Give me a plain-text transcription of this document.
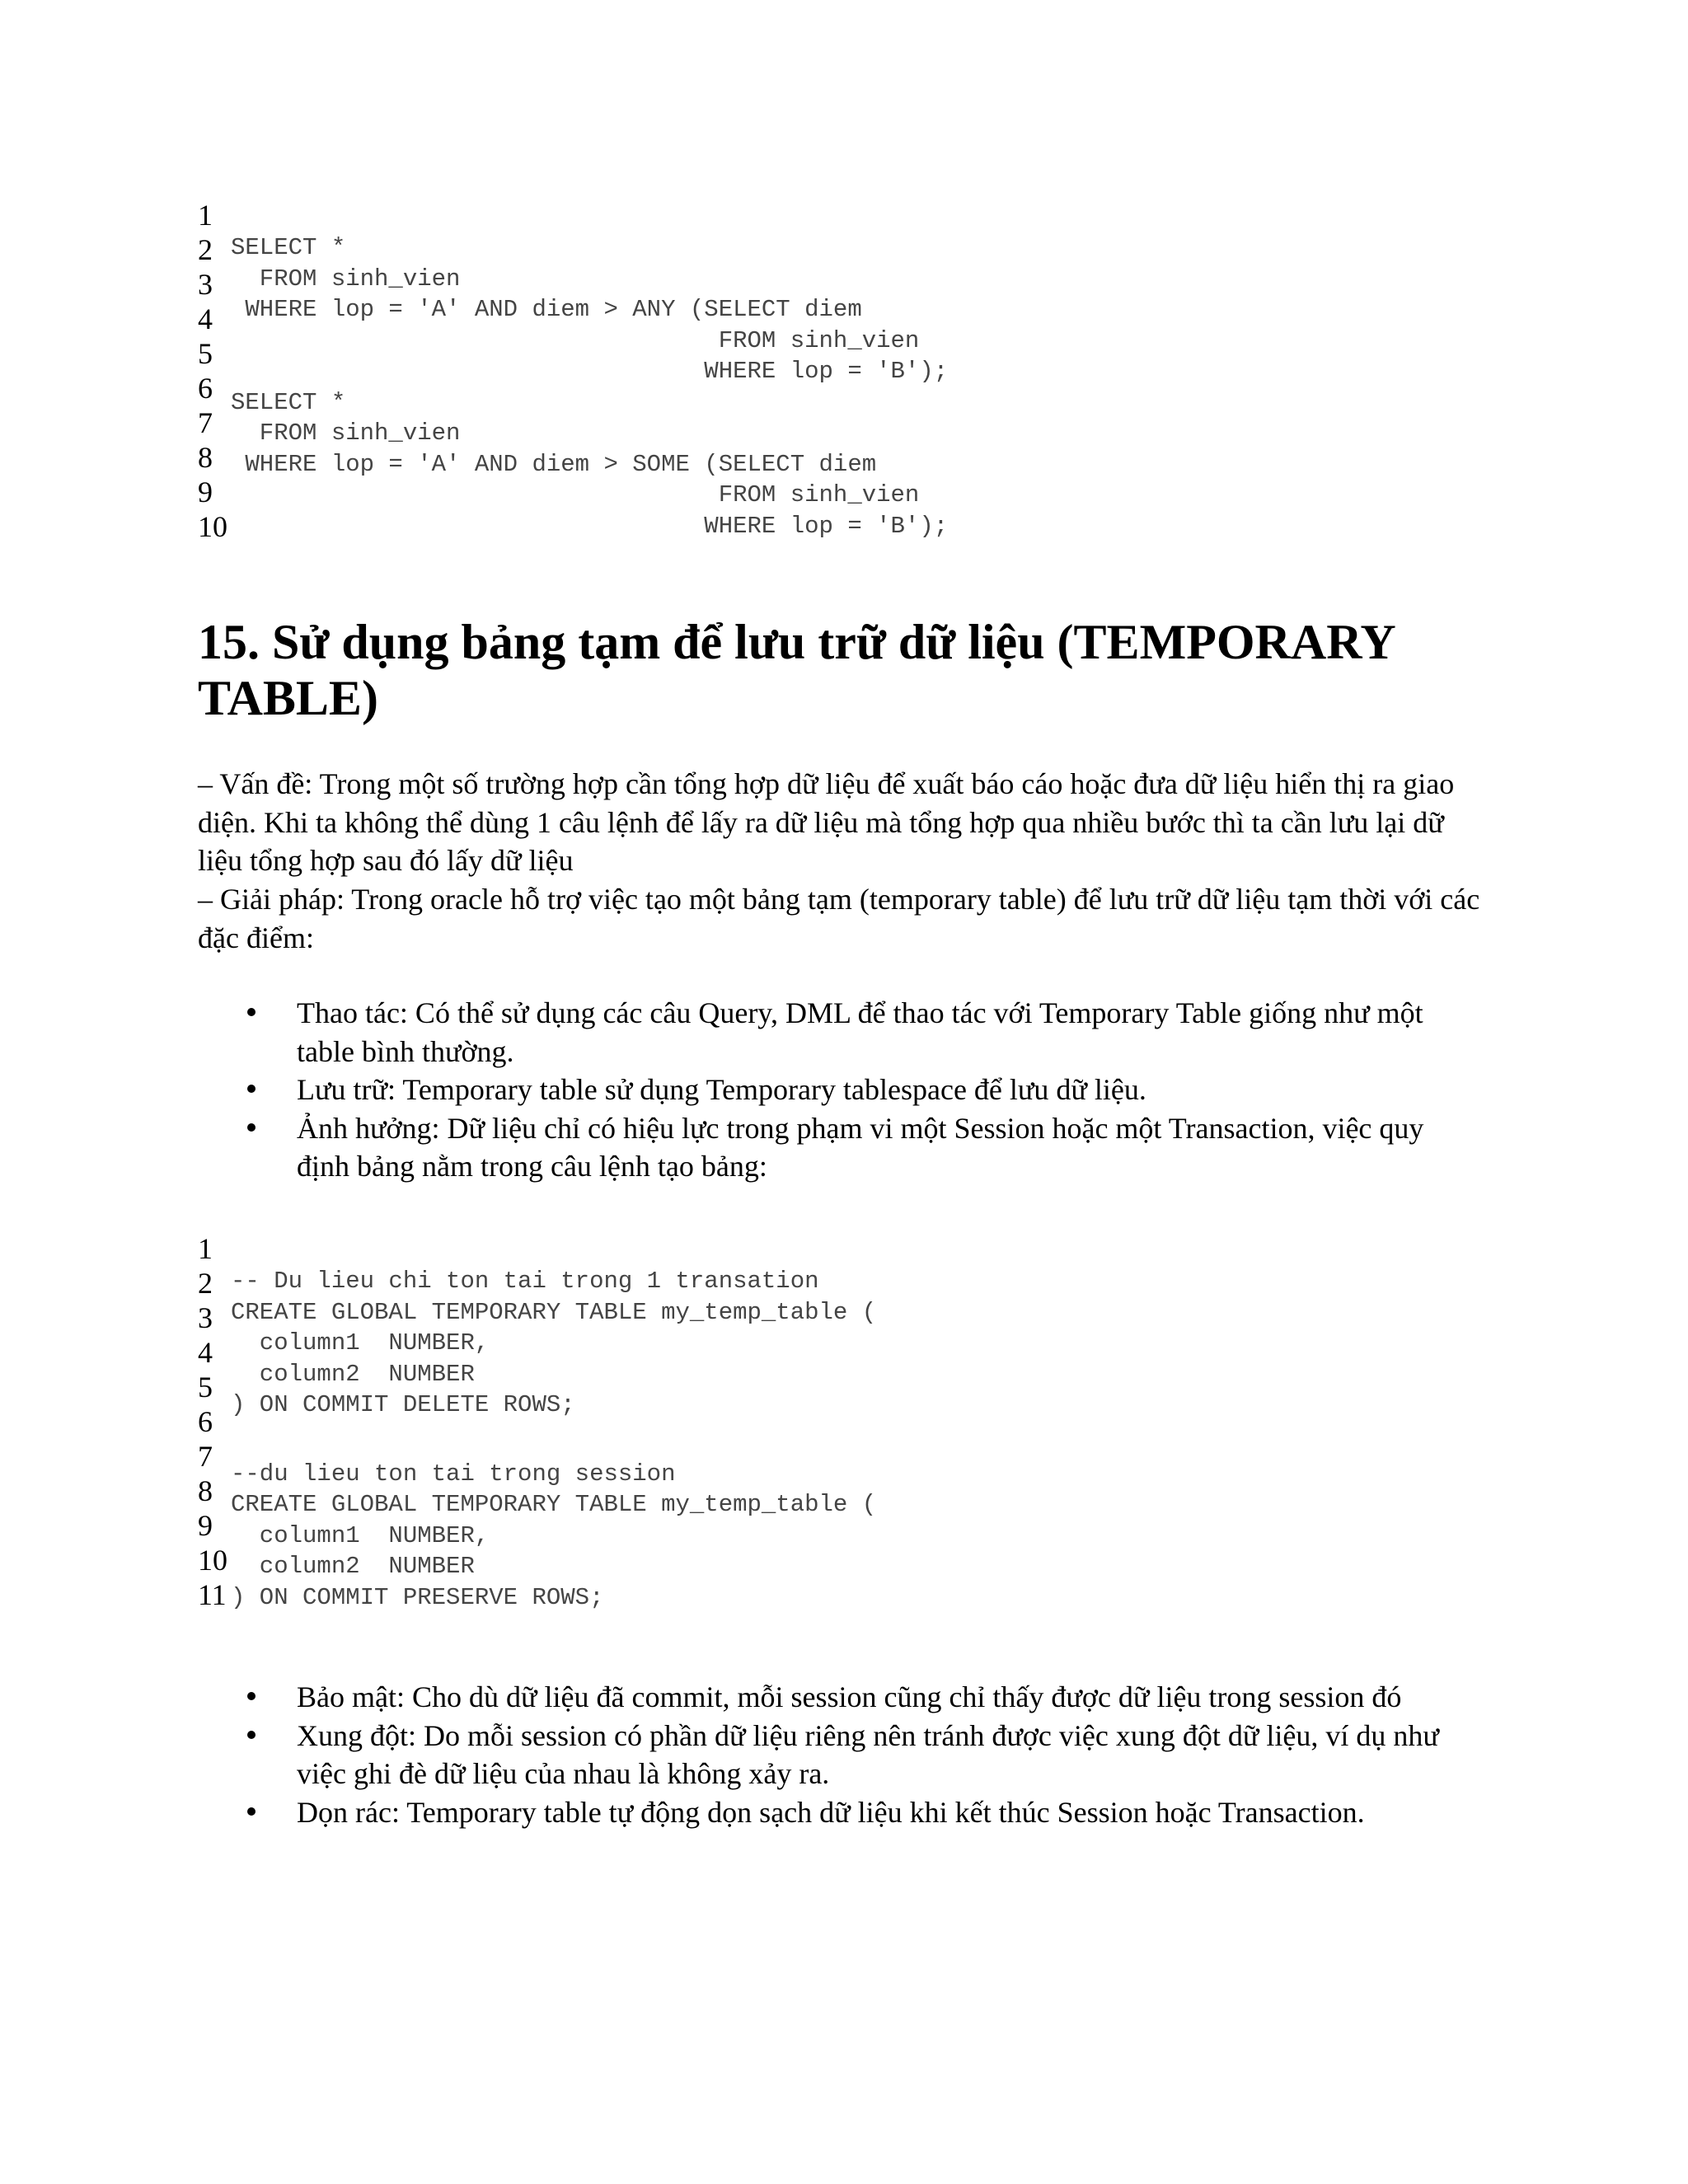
1
2
3
4
5
6
7
8
9
10
SELECT *
FROM sinh_vien
WHERE lop = 'A' AND diem > ANY (SELECT diem
FROM sinh_vien
WHERE lop = 'B');
SELECT *
FROM sinh_vien
WHERE lop = 'A' AND diem > SOME (SELECT diem
FROM sinh_vien
WHERE lop = 'B');
15. Sử dụng bảng tạm để lưu trữ dữ liệu (TEMPORARY TABLE)

– Vấn đề: Trong một số trường hợp cần tổng hợp dữ liệu để xuất báo cáo hoặc đưa dữ liệu hiển thị ra giao diện. Khi ta không thể dùng 1 câu lệnh để lấy ra dữ liệu mà tổng hợp qua nhiều bước thì ta cần lưu lại dữ liệu tổng hợp sau đó lấy dữ liệu

– Giải pháp: Trong oracle hỗ trợ việc tạo một bảng tạm (temporary table) để lưu trữ dữ liệu tạm thời với các đặc điểm:

Thao tác: Có thể sử dụng các câu Query, DML để thao tác với Temporary Table giống như một table bình thường.
Lưu trữ: Temporary table sử dụng Temporary tablespace để lưu dữ liệu.
Ảnh hưởng: Dữ liệu chỉ có hiệu lực trong phạm vi một Session hoặc một Transaction, việc quy định bảng nằm trong câu lệnh tạo bảng:
1
2
3
4
5
6
7
8
9
10
11
-- Du lieu chi ton tai trong 1 transation
CREATE GLOBAL TEMPORARY TABLE my_temp_table (
column1  NUMBER,
column2  NUMBER
) ON COMMIT DELETE ROWS;
--du lieu ton tai trong session
CREATE GLOBAL TEMPORARY TABLE my_temp_table (
column1  NUMBER,
column2  NUMBER
) ON COMMIT PRESERVE ROWS;
Bảo mật: Cho dù dữ liệu đã commit, mỗi session cũng chỉ thấy được dữ liệu trong session đó
Xung đột: Do mỗi session có phần dữ liệu riêng nên tránh được việc xung đột dữ liệu, ví dụ như việc ghi đè dữ liệu của nhau là không xảy ra.
Dọn rác: Temporary table tự động dọn sạch dữ liệu khi kết thúc Session hoặc Transaction.
